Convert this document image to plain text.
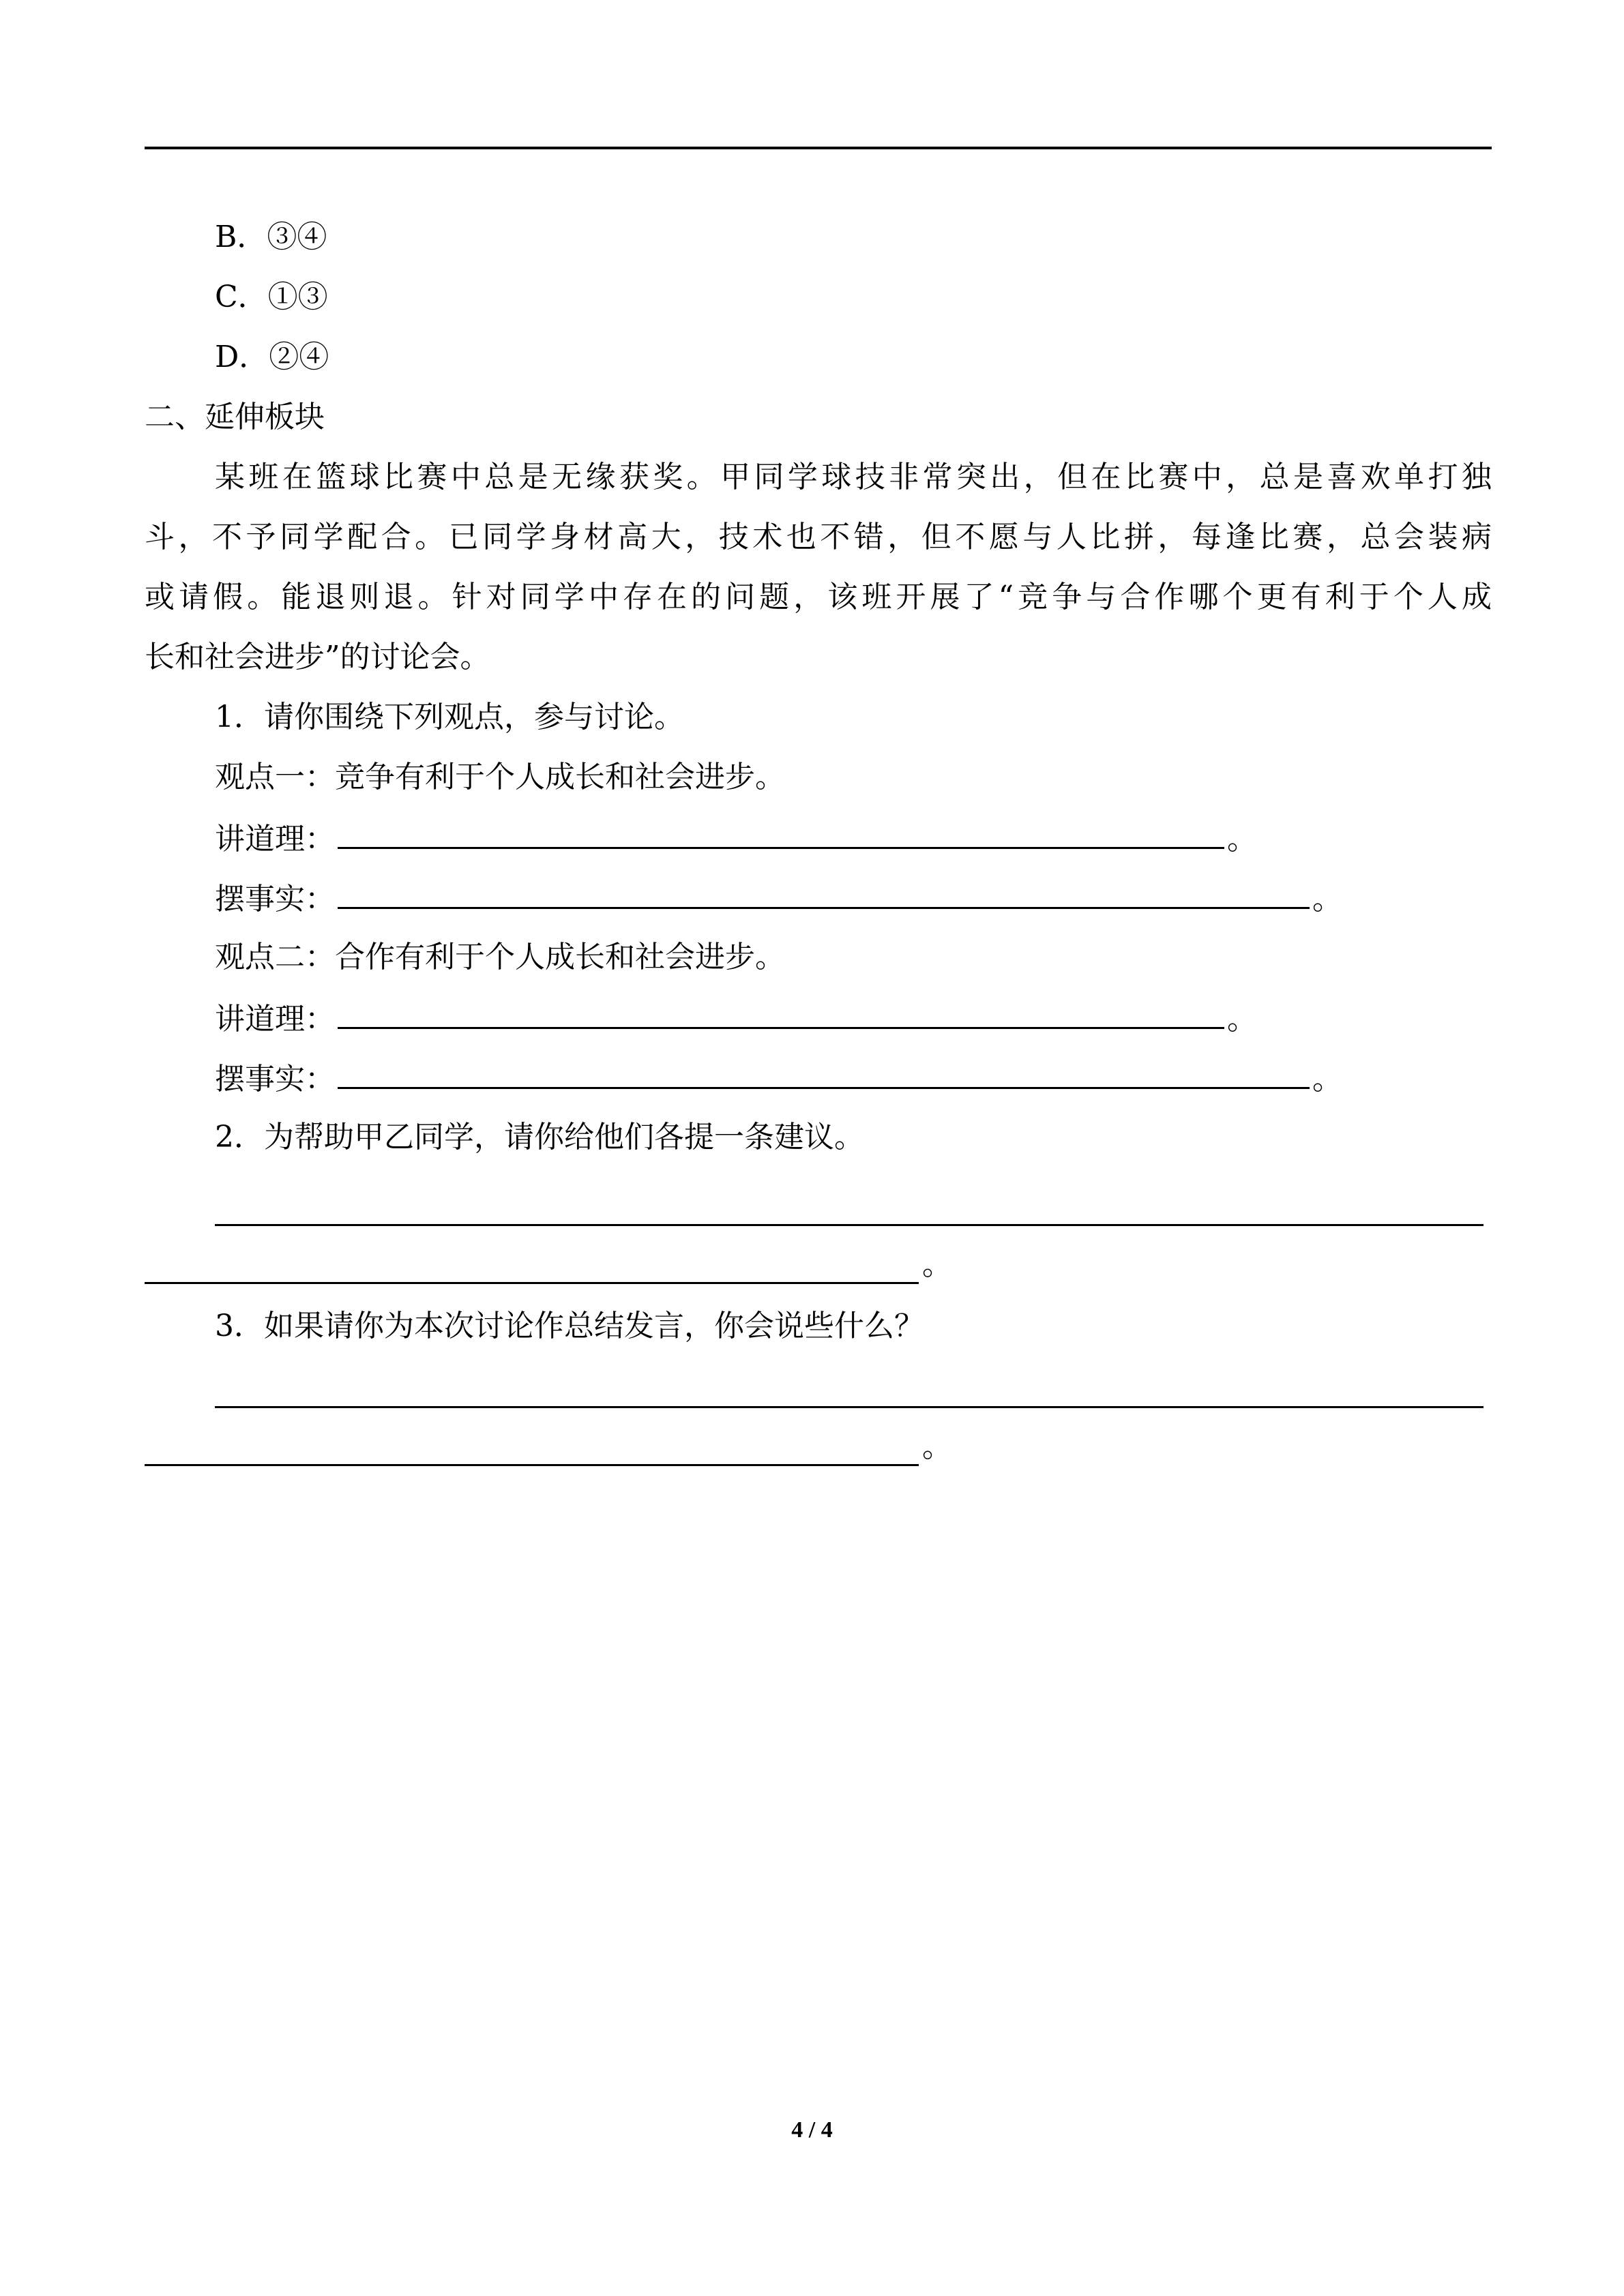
B．③④
C．①③
D．②④
二、延伸板块
某班在篮球比赛中总是无缘获奖。甲同学球技非常突出，但在比赛中，总是喜欢单打独
斗，不予同学配合。已同学身材高大，技术也不错，但不愿与人比拼，每逢比赛，总会装病
或请假。能退则退。针对同学中存在的问题，该班开展了“竞争与合作哪个更有利于个人成
长和社会进步”的讨论会。
1．请你围绕下列观点，参与讨论。
观点一：竞争有利于个人成长和社会进步。
讲道理：	。
摆事实：	。
观点二：合作有利于个人成长和社会进步。
讲道理：	。
摆事实：	。
2．为帮助甲乙同学，请你给他们各提一条建议。
。
3．如果请你为本次讨论作总结发言，你会说些什么？
。
4 / 4
